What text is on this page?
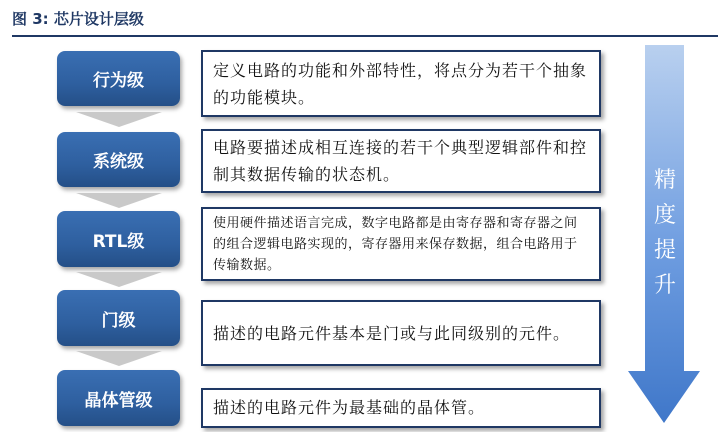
图 3: 芯片设计层级
行为级
系统级
RTL级
门级
晶体管级
定义电路的功能和外部特性，将点分为若干个抽象的功能模块。
电路要描述成相互连接的若干个典型逻辑部件和控制其数据传输的状态机。
使用硬件描述语言完成，数字电路都是由寄存器和寄存器之间的组合逻辑电路实现的，寄存器用来保存数据，组合电路用于传输数据。
描述的电路元件基本是门或与此同级别的元件。
描述的电路元件为最基础的晶体管。
精度提升
